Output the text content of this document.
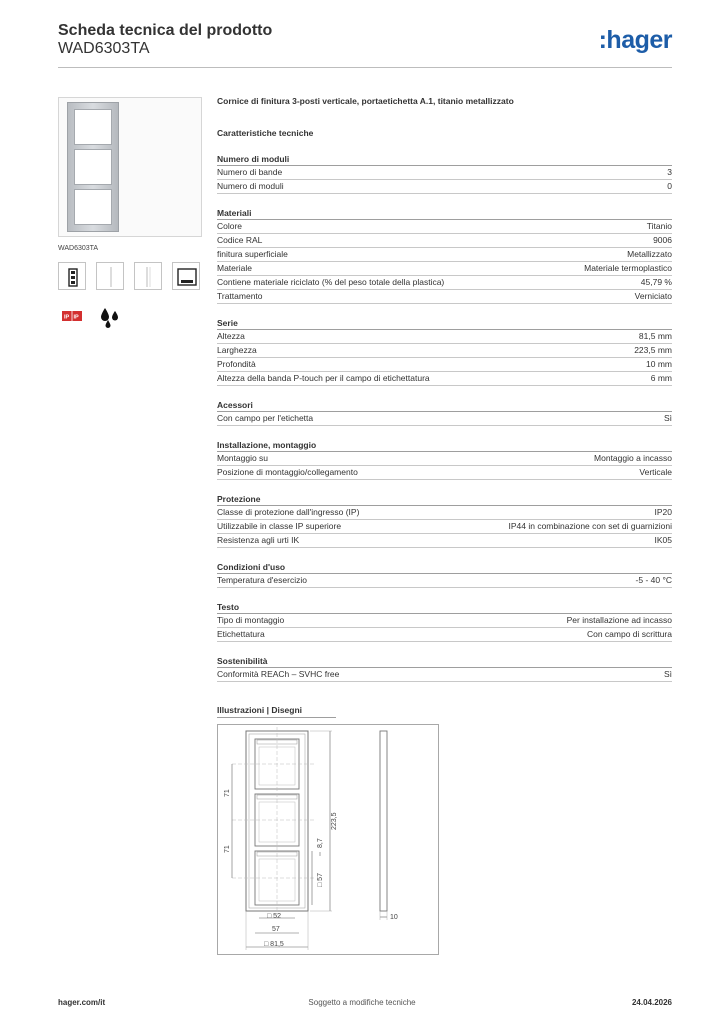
Scheda tecnica del prodotto
WAD6303TA	:hager
WAD6303TA
IP IP
Cornice di finitura 3-posti verticale, portaetichetta A.1, titanio metallizzato
Caratteristiche tecniche
Numero di moduli
Numero di bande	3
Numero di moduli	0
Materiali
Colore	Titanio
Codice RAL	9006
finitura superficiale	Metallizzato
Materiale	Materiale termoplastico
Contiene materiale riciclato (% del peso totale della plastica)	45,79 %
Trattamento	Verniciato
Serie
Altezza	81,5 mm
Larghezza	223,5 mm
Profondità	10 mm
Altezza della banda P-touch per il campo di etichettatura	6 mm
Acessori
Con campo per l'etichetta	Sì
Installazione, montaggio
Montaggio su	Montaggio a incasso
Posizione di montaggio/collegamento	Verticale
Protezione
Classe di protezione dall'ingresso (IP)	IP20
Utilizzabile in classe IP superiore	IP44 in combinazione con set di guarnizioni
Resistenza agli urti IK	IK05
Condizioni d'uso
Temperatura d'esercizio	-5 - 40 °C
Testo
Tipo di montaggio	Per installazione ad incasso
Etichettatura	Con campo di scrittura
Sostenibilità
Conformità REACh – SVHC free	Sì
Illustrazioni | Disegni
71
71
223,5
8,7
□ 57
□ 52
57
□ 81,5
10
Soggetto a modifiche tecniche
hager.com/it	24.04.2026
